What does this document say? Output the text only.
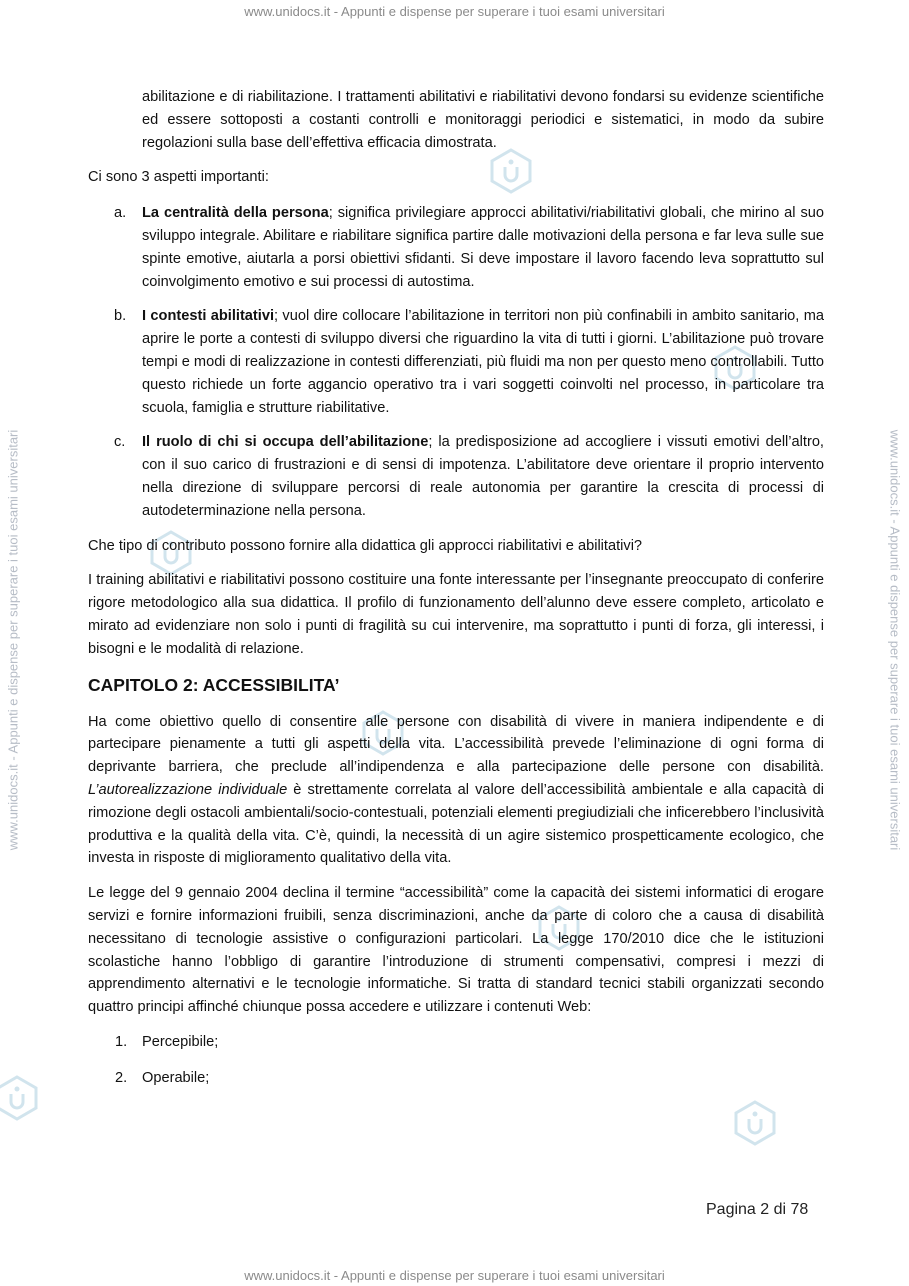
www.unidocs.it - Appunti e dispense per superare i tuoi esami universitari
www.unidocs.it - Appunti e dispense per superare i tuoi esami universitari	www.unidocs.it - Appunti e dispense per superare i tuoi esami universitari

abilitazione e di riabilitazione. I trattamenti abilitativi e riabilitativi devono fondarsi su evidenze scientifiche ed essere sottoposti a costanti controlli e monitoraggi periodici e sistematici, in modo da subire regolazioni sulla base dell’effettiva efficacia dimostrata.

Ci sono 3 aspetti importanti:

a. La centralità della persona; significa privilegiare approcci abilitativi/riabilitativi globali, che mirino al suo sviluppo integrale. Abilitare e riabilitare significa partire dalle motivazioni della persona e far leva sulle sue spinte emotive, aiutarla a porsi obiettivi sfidanti. Si deve impostare il lavoro facendo leva soprattutto sul coinvolgimento emotivo e sui processi di autostima.
b. I contesti abilitativi; vuol dire collocare l’abilitazione in territori non più confinabili in ambito sanitario, ma aprire le porte a contesti di sviluppo diversi che riguardino la vita di tutti i giorni. L’abilitazione può trovare tempi e modi di realizzazione in contesti differenziati, più fluidi ma non per questo meno controllabili. Tutto questo richiede un forte aggancio operativo tra i vari soggetti coinvolti nel processo, in particolare tra scuola, famiglia e strutture riabilitative.
c. Il ruolo di chi si occupa dell’abilitazione; la predisposizione ad accogliere i vissuti emotivi dell’altro, con il suo carico di frustrazioni e di sensi di impotenza. L’abilitatore deve orientare il proprio intervento nella direzione di sviluppare percorsi di reale autonomia per garantire la crescita di processi di autodeterminazione nella persona.

Che tipo di contributo possono fornire alla didattica gli approcci riabilitativi e abilitativi?

I training abilitativi e riabilitativi possono costituire una fonte interessante per l’insegnante preoccupato di conferire rigore metodologico alla sua didattica. Il profilo di funzionamento dell’alunno deve essere completo, articolato e mirato ad evidenziare non solo i punti di fragilità su cui intervenire, ma soprattutto i punti di forza, gli interessi, i bisogni e le modalità di relazione.

CAPITOLO 2: ACCESSIBILITA’

Ha come obiettivo quello di consentire alle persone con disabilità di vivere in maniera indipendente e di partecipare pienamente a tutti gli aspetti della vita. L’accessibilità prevede l’eliminazione di ogni forma di deprivante barriera, che preclude all’indipendenza e alla partecipazione delle persone con disabilità. L’autorealizzazione individuale è strettamente correlata al valore dell’accessibilità ambientale e alla capacità di rimozione degli ostacoli ambientali/socio-contestuali, potenziali elementi pregiudiziali che inficerebbero l’inclusività produttiva e la qualità della vita. C’è, quindi, la necessità di un agire sistemico prospetticamente ecologico, che investa in risposte di miglioramento qualitativo della vita.

Le legge del 9 gennaio 2004 declina il termine “accessibilità” come la capacità dei sistemi informatici di erogare servizi e fornire informazioni fruibili, senza discriminazioni, anche da parte di coloro che a causa di disabilità necessitano di tecnologie assistive o configurazioni particolari. La legge 170/2010 dice che le istituzioni scolastiche hanno l’obbligo di garantire l’introduzione di strumenti compensativi, compresi i mezzi di apprendimento alternativi e le tecnologie informatiche. Si tratta di standard tecnici stabili organizzati secondo quattro principi affinché chiunque possa accedere e utilizzare i contenuti Web:

1. Percepibile;
2. Operabile;
Pagina 2 di 78
www.unidocs.it - Appunti e dispense per superare i tuoi esami universitari
